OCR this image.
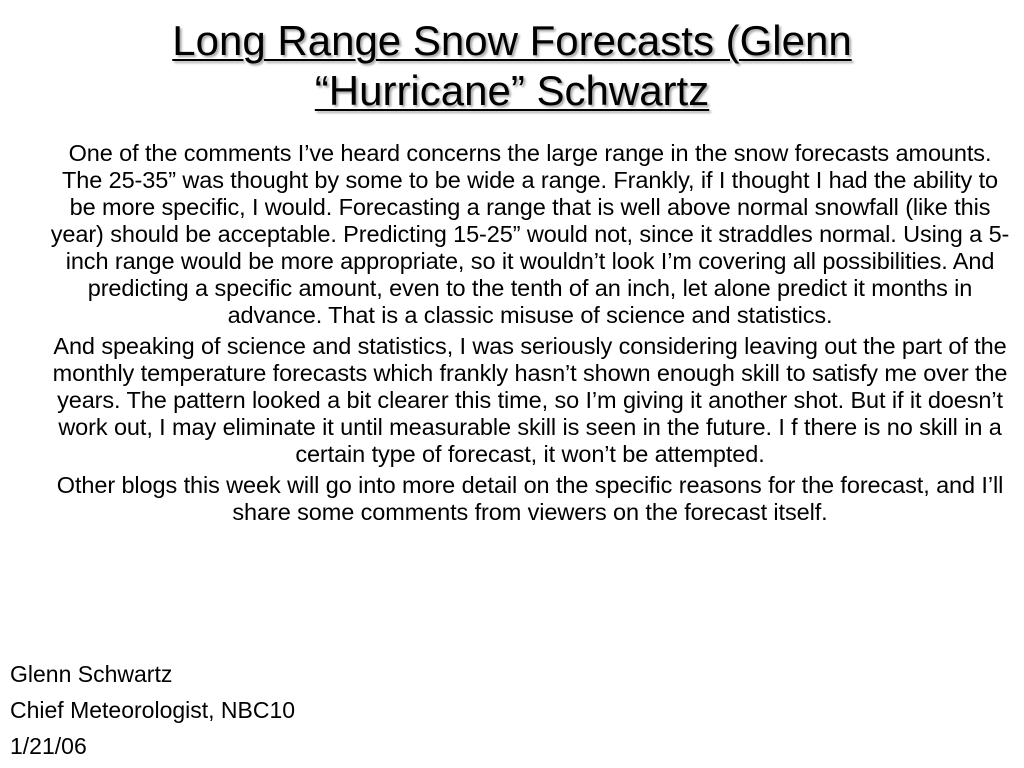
Long Range Snow Forecasts (Glenn
“Hurricane” Schwartz

One of the comments I’ve heard concerns the large range in the snow forecasts amounts. The 25-35” was thought by some to be wide a range. Frankly, if I thought I had the ability to be more specific, I would. Forecasting a range that is well above normal snowfall (like this year) should be acceptable. Predicting 15-25” would not, since it straddles normal. Using a 5- inch range would be more appropriate, so it wouldn’t look I’m covering all possibilities. And predicting a specific amount, even to the tenth of an inch, let alone predict it months in advance. That is a classic misuse of science and statistics.

And speaking of science and statistics, I was seriously considering leaving out the part of the monthly temperature forecasts which frankly hasn’t shown enough skill to satisfy me over the years. The pattern looked a bit clearer this time, so I’m giving it another shot. But if it doesn’t work out, I may eliminate it until measurable skill is seen in the future. I f there is no skill in a certain type of forecast, it won’t be attempted.

Other blogs this week will go into more detail on the specific reasons for the forecast, and I’ll share some comments from viewers on the forecast itself.

Glenn Schwartz
Chief Meteorologist, NBC10
1/21/06
